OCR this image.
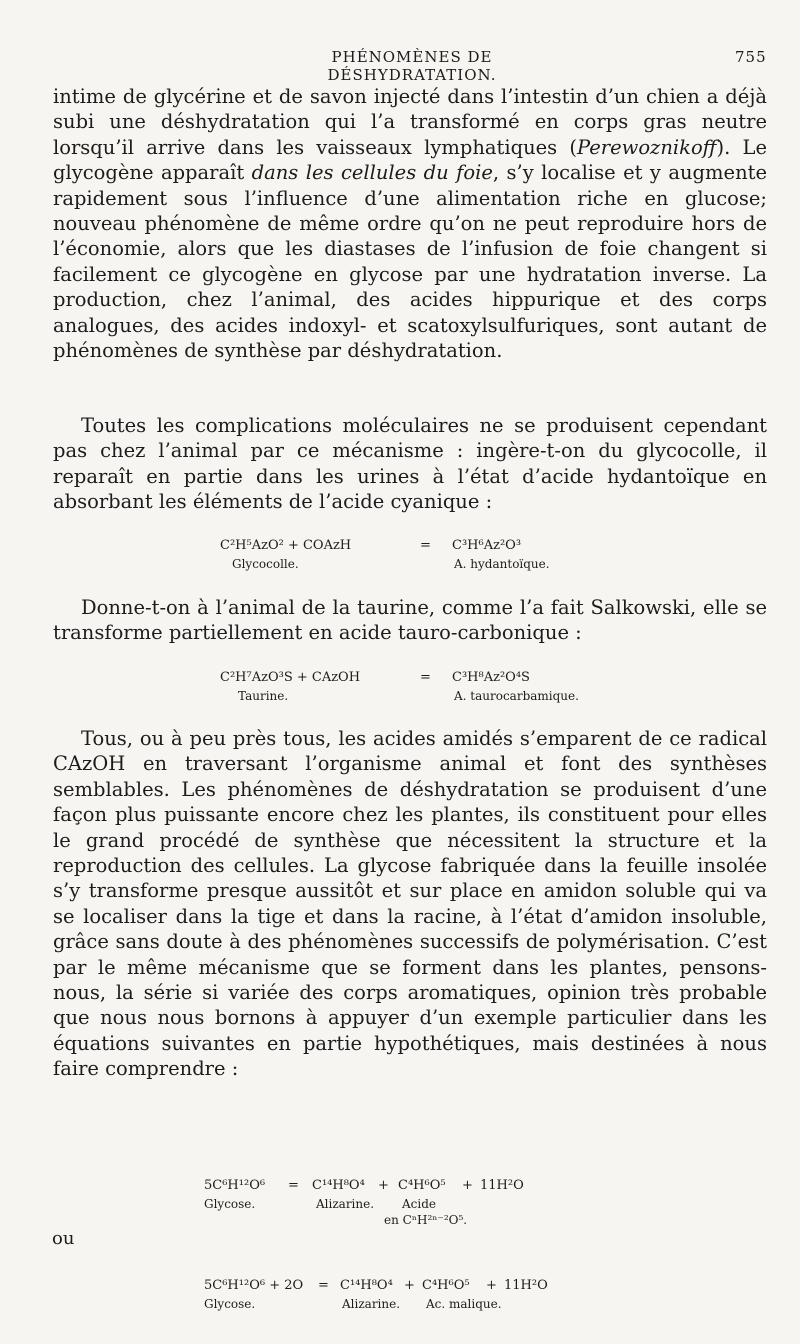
PHÉNOMÈNES DE DÉSHYDRATATION.
755

intime de glycérine et de savon injecté dans l’intestin d’un chien a déjà subi une déshydratation qui l’a transformé en corps gras neutre lorsqu’il arrive dans les vaisseaux lymphatiques (Perewoznikoff). Le glycogène apparaît dans les cellules du foie, s’y localise et y augmente rapidement sous l’influence d’une alimentation riche en glucose; nouveau phénomène de même ordre qu’on ne peut reproduire hors de l’économie, alors que les diastases de l’infusion de foie changent si facilement ce glycogène en glycose par une hydratation inverse. La production, chez l’animal, des acides hippurique et des corps analogues, des acides indoxyl- et scatoxylsulfuriques, sont autant de phénomènes de synthèse par déshydratation.

Toutes les complications moléculaires ne se produisent cependant pas chez l’animal par ce mécanisme : ingère-t-on du glycocolle, il reparaît en partie dans les urines à l’état d’acide hydantoïque en absorbant les éléments de l’acide cyanique :

C²H⁵AzO² + COAzH	= C³H⁶Az²O³
Glycocolle.	A. hydantoïque.

Donne-t-on à l’animal de la taurine, comme l’a fait Salkowski, elle se transforme partiellement en acide tauro-carbonique :

C²H⁷AzO³S + CAzOH	= C³H⁸Az²O⁴S
Taurine.	A. taurocarbamique.

Tous, ou à peu près tous, les acides amidés s’emparent de ce radical CAzOH en traversant l’organisme animal et font des synthèses semblables. Les phénomènes de déshydratation se produisent d’une façon plus puissante encore chez les plantes, ils constituent pour elles le grand procédé de synthèse que nécessitent la structure et la reproduction des cellules. La glycose fabriquée dans la feuille insolée s’y transforme presque aussitôt et sur place en amidon soluble qui va se localiser dans la tige et dans la racine, à l’état d’amidon insoluble, grâce sans doute à des phénomènes successifs de polymérisation. C’est par le même mécanisme que se forment dans les plantes, pensons-nous, la série si variée des corps aromatiques, opinion très probable que nous nous bornons à appuyer d’un exemple particulier dans les équations suivantes en partie hypothétiques, mais destinées à nous faire comprendre :

5C⁶H¹²O⁶ = C¹⁴H⁸O⁴ + C⁴H⁶O⁵ + 11H²O
Glycose.	Alizarine. Acide
en CⁿH²ⁿ⁻²O⁵.
ou
5C⁶H¹²O⁶ + 2O = C¹⁴H⁸O⁴ + C⁴H⁶O⁵ + 11H²O
Glycose.	Alizarine. Ac. malique.
